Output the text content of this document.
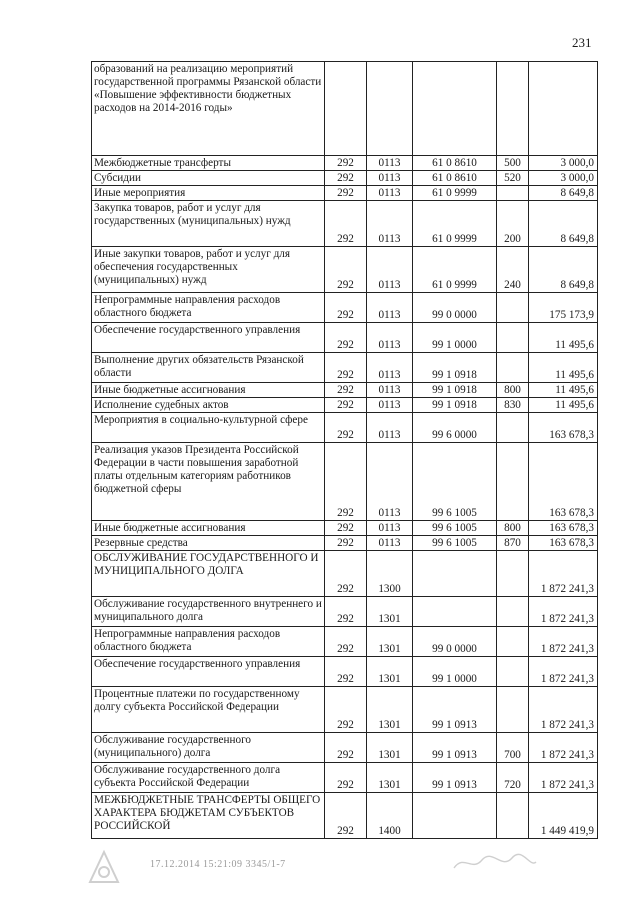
231
образований на реализацию мероприятий государственной программы Рязанской области «Повышение эффективности бюджетных расходов на 2014-2016 годы»					
Межбюджетные трансферты	292	0113	61 0 8610	500	3 000,0
Субсидии	292	0113	61 0 8610	520	3 000,0
Иные мероприятия	292	0113	61 0 9999		8 649,8
Закупка товаров, работ и услуг для государственных (муниципальных) нужд	292	0113	61 0 9999	200	8 649,8
Иные закупки товаров, работ и услуг для обеспечения государственных (муниципальных) нужд	292	0113	61 0 9999	240	8 649,8
Непрограммные направления расходов областного бюджета	292	0113	99 0 0000		175 173,9
Обеспечение государственного управления	292	0113	99 1 0000		11 495,6
Выполнение других обязательств Рязанской области	292	0113	99 1 0918		11 495,6
Иные бюджетные ассигнования	292	0113	99 1 0918	800	11 495,6
Исполнение судебных актов	292	0113	99 1 0918	830	11 495,6
Мероприятия в социально-культурной сфере	292	0113	99 6 0000		163 678,3
Реализация указов Президента Российской Федерации в части повышения заработной платы отдельным категориям работников бюджетной сферы	292	0113	99 6 1005		163 678,3
Иные бюджетные ассигнования	292	0113	99 6 1005	800	163 678,3
Резервные средства	292	0113	99 6 1005	870	163 678,3
ОБСЛУЖИВАНИЕ ГОСУДАРСТВЕННОГО И МУНИЦИПАЛЬНОГО ДОЛГА	292	1300			1 872 241,3
Обслуживание государственного внутреннего и муниципального долга	292	1301			1 872 241,3
Непрограммные направления расходов областного бюджета	292	1301	99 0 0000		1 872 241,3
Обеспечение государственного управления	292	1301	99 1 0000		1 872 241,3
Процентные платежи по государственному долгу субъекта Российской Федерации	292	1301	99 1 0913		1 872 241,3
Обслуживание государственного (муниципального) долга	292	1301	99 1 0913	700	1 872 241,3
Обслуживание государственного долга субъекта Российской Федерации	292	1301	99 1 0913	720	1 872 241,3
МЕЖБЮДЖЕТНЫЕ ТРАНСФЕРТЫ ОБЩЕГО ХАРАКТЕРА БЮДЖЕТАМ СУБЪЕКТОВ РОССИЙСКОЙ	292	1400			1 449 419,9
17.12.2014 15:21:09 3345/1-7
